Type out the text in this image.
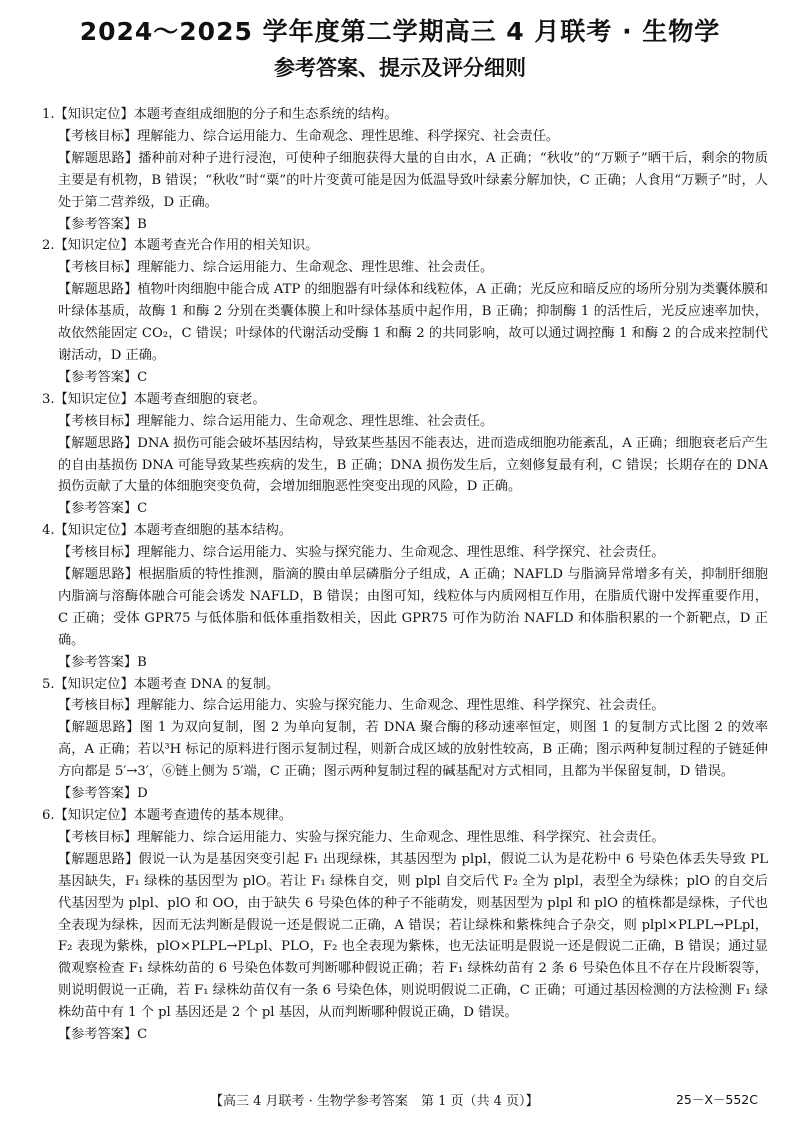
2024～2025 学年度第二学期高三 4 月联考 · 生物学
参考答案、提示及评分细则
1.【知识定位】本题考查组成细胞的分子和生态系统的结构。
【考核目标】理解能力、综合运用能力、生命观念、理性思维、科学探究、社会责任。
【解题思路】播种前对种子进行浸泡，可使种子细胞获得大量的自由水，A 正确；“秋收”的“万颗子”晒干后，剩余的物质主要是有机物，B 错误；“秋收”时“粟”的叶片变黄可能是因为低温导致叶绿素分解加快，C 正确；人食用“万颗子”时，人处于第二营养级，D 正确。
【参考答案】B
2.【知识定位】本题考查光合作用的相关知识。
【考核目标】理解能力、综合运用能力、生命观念、理性思维、社会责任。
【解题思路】植物叶肉细胞中能合成 ATP 的细胞器有叶绿体和线粒体，A 正确；光反应和暗反应的场所分别为类囊体膜和叶绿体基质，故酶 1 和酶 2 分别在类囊体膜上和叶绿体基质中起作用，B 正确；抑制酶 1 的活性后，光反应速率加快，故依然能固定 CO₂，C 错误；叶绿体的代谢活动受酶 1 和酶 2 的共同影响，故可以通过调控酶 1 和酶 2 的合成来控制代谢活动，D 正确。
【参考答案】C
3.【知识定位】本题考查细胞的衰老。
【考核目标】理解能力、综合运用能力、生命观念、理性思维、社会责任。
【解题思路】DNA 损伤可能会破坏基因结构，导致某些基因不能表达，进而造成细胞功能紊乱，A 正确；细胞衰老后产生的自由基损伤 DNA 可能导致某些疾病的发生，B 正确；DNA 损伤发生后，立刻修复最有利，C 错误；长期存在的 DNA 损伤贡献了大量的体细胞突变负荷，会增加细胞恶性突变出现的风险，D 正确。
【参考答案】C
4.【知识定位】本题考查细胞的基本结构。
【考核目标】理解能力、综合运用能力、实验与探究能力、生命观念、理性思维、科学探究、社会责任。
【解题思路】根据脂质的特性推测，脂滴的膜由单层磷脂分子组成，A 正确；NAFLD 与脂滴异常增多有关，抑制肝细胞内脂滴与溶酶体融合可能会诱发 NAFLD，B 错误；由图可知，线粒体与内质网相互作用，在脂质代谢中发挥重要作用，C 正确；受体 GPR75 与低体脂和低体重指数相关，因此 GPR75 可作为防治 NAFLD 和体脂积累的一个新靶点，D 正确。
【参考答案】B
5.【知识定位】本题考查 DNA 的复制。
【考核目标】理解能力、综合运用能力、实验与探究能力、生命观念、理性思维、科学探究、社会责任。
【解题思路】图 1 为双向复制，图 2 为单向复制，若 DNA 聚合酶的移动速率恒定，则图 1 的复制方式比图 2 的效率高，A 正确；若以³H 标记的原料进行图示复制过程，则新合成区域的放射性较高，B 正确；图示两种复制过程的子链延伸方向都是 5′→3′，⑥链上侧为 5′端，C 正确；图示两种复制过程的碱基配对方式相同，且都为半保留复制，D 错误。
【参考答案】D
6.【知识定位】本题考查遗传的基本规律。
【考核目标】理解能力、综合运用能力、实验与探究能力、生命观念、理性思维、科学探究、社会责任。
【解题思路】假说一认为是基因突变引起 F₁ 出现绿株，其基因型为 plpl，假说二认为是花粉中 6 号染色体丢失导致 PL 基因缺失，F₁ 绿株的基因型为 plO。若让 F₁ 绿株自交，则 plpl 自交后代 F₂ 全为 plpl，表型全为绿株；plO 的自交后代基因型为 plpl、plO 和 OO，由于缺失 6 号染色体的种子不能萌发，则基因型为 plpl 和 plO 的植株都是绿株，子代也全表现为绿株，因而无法判断是假说一还是假说二正确，A 错误；若让绿株和紫株纯合子杂交，则 plpl×PLPL→PLpl，F₂ 表现为紫株，plO×PLPL→PLpl、PLO，F₂ 也全表现为紫株，也无法证明是假说一还是假说二正确，B 错误；通过显微观察检查 F₁ 绿株幼苗的 6 号染色体数可判断哪种假说正确；若 F₁ 绿株幼苗有 2 条 6 号染色体且不存在片段断裂等，则说明假说一正确，若 F₁ 绿株幼苗仅有一条 6 号染色体，则说明假说二正确，C 正确；可通过基因检测的方法检测 F₁ 绿株幼苗中有 1 个 pl 基因还是 2 个 pl 基因，从而判断哪种假说正确，D 错误。
【参考答案】C
【高三 4 月联考 · 生物学参考答案　第 1 页（共 4 页）】	25－X－552C
